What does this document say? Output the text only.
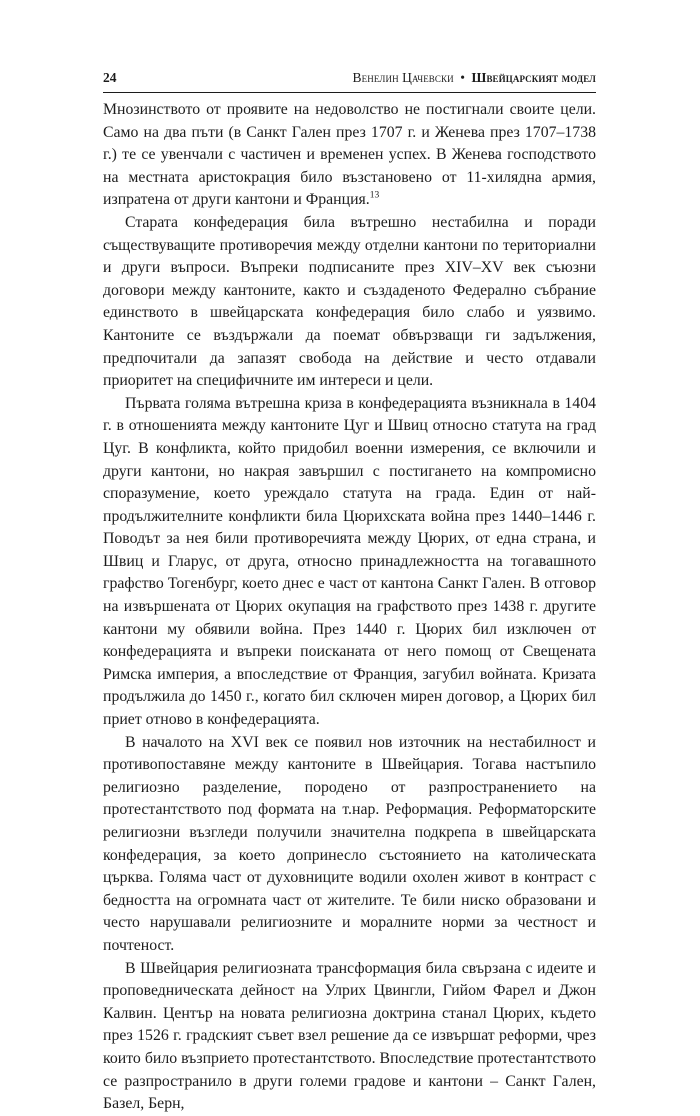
24	Венелин Цачевски • Швейцарският модел

Мнозинството от проявите на недоволство не постигнали своите цели. Само на два пъти (в Санкт Гален през 1707 г. и Женева през 1707–1738 г.) те се увенчали с частичен и временен успех. В Женева господството на местната аристокрация било възстановено от 11-хилядна армия, изпратена от други кантони и Франция.$^{13}$

Старата конфедерация била вътрешно нестабилна и поради съществуващите противоречия между отделни кантони по териториални и други въпроси. Въпреки подписаните през XIV–XV век съюзни договори между кантоните, както и създаденото Федерално събрание единството в швейцарската конфедерация било слабо и уязвимо. Кантоните се въздържали да поемат обвързващи ги задължения, предпочитали да запазят свобода на действие и често отдавали приоритет на специфичните им интереси и цели.

Първата голяма вътрешна криза в конфедерацията възникнала в 1404 г. в отношенията между кантоните Цуг и Швиц относно статута на град Цуг. В конфликта, който придобил военни измерения, се включили и други кантони, но накрая завършил с постигането на компромисно споразумение, което уреждало статута на града. Един от най-продължителните конфликти била Цюрихската война през 1440–1446 г. Поводът за нея били противоречията между Цюрих, от една страна, и Швиц и Гларус, от друга, относно принадлежността на тогавашното графство Тогенбург, което днес е част от кантона Санкт Гален. В отговор на извършената от Цюрих окупация на графството през 1438 г. другите кантони му обявили война. През 1440 г. Цюрих бил изключен от конфедерацията и въпреки поисканата от него помощ от Свещената Римска империя, а впоследствие от Франция, загубил войната. Кризата продължила до 1450 г., когато бил сключен мирен договор, а Цюрих бил приет отново в конфедерацията.

В началото на XVI век се появил нов източник на нестабилност и противопоставяне между кантоните в Швейцария. Тогава настъпило религиозно разделение, породено от разпространението на протестантството под формата на т.нар. Реформация. Реформаторските религиозни възгледи получили значителна подкрепа в швейцарската конфедерация, за което допринесло състоянието на католическата църква. Голяма част от духовниците водили охолен живот в контраст с бедността на огромната част от жителите. Те били ниско образовани и често нарушавали религиозните и моралните норми за честност и почтеност.

В Швейцария религиозната трансформация била свързана с идеите и проповедническата дейност на Улрих Цвингли, Гийом Фарел и Джон Калвин. Център на новата религиозна доктрина станал Цюрих, където през 1526 г. градският съвет взел решение да се извършат реформи, чрез които било възприето протестантството. Впоследствие протестантството се разпространило в други големи градове и кантони – Санкт Гален, Базел, Берн,
